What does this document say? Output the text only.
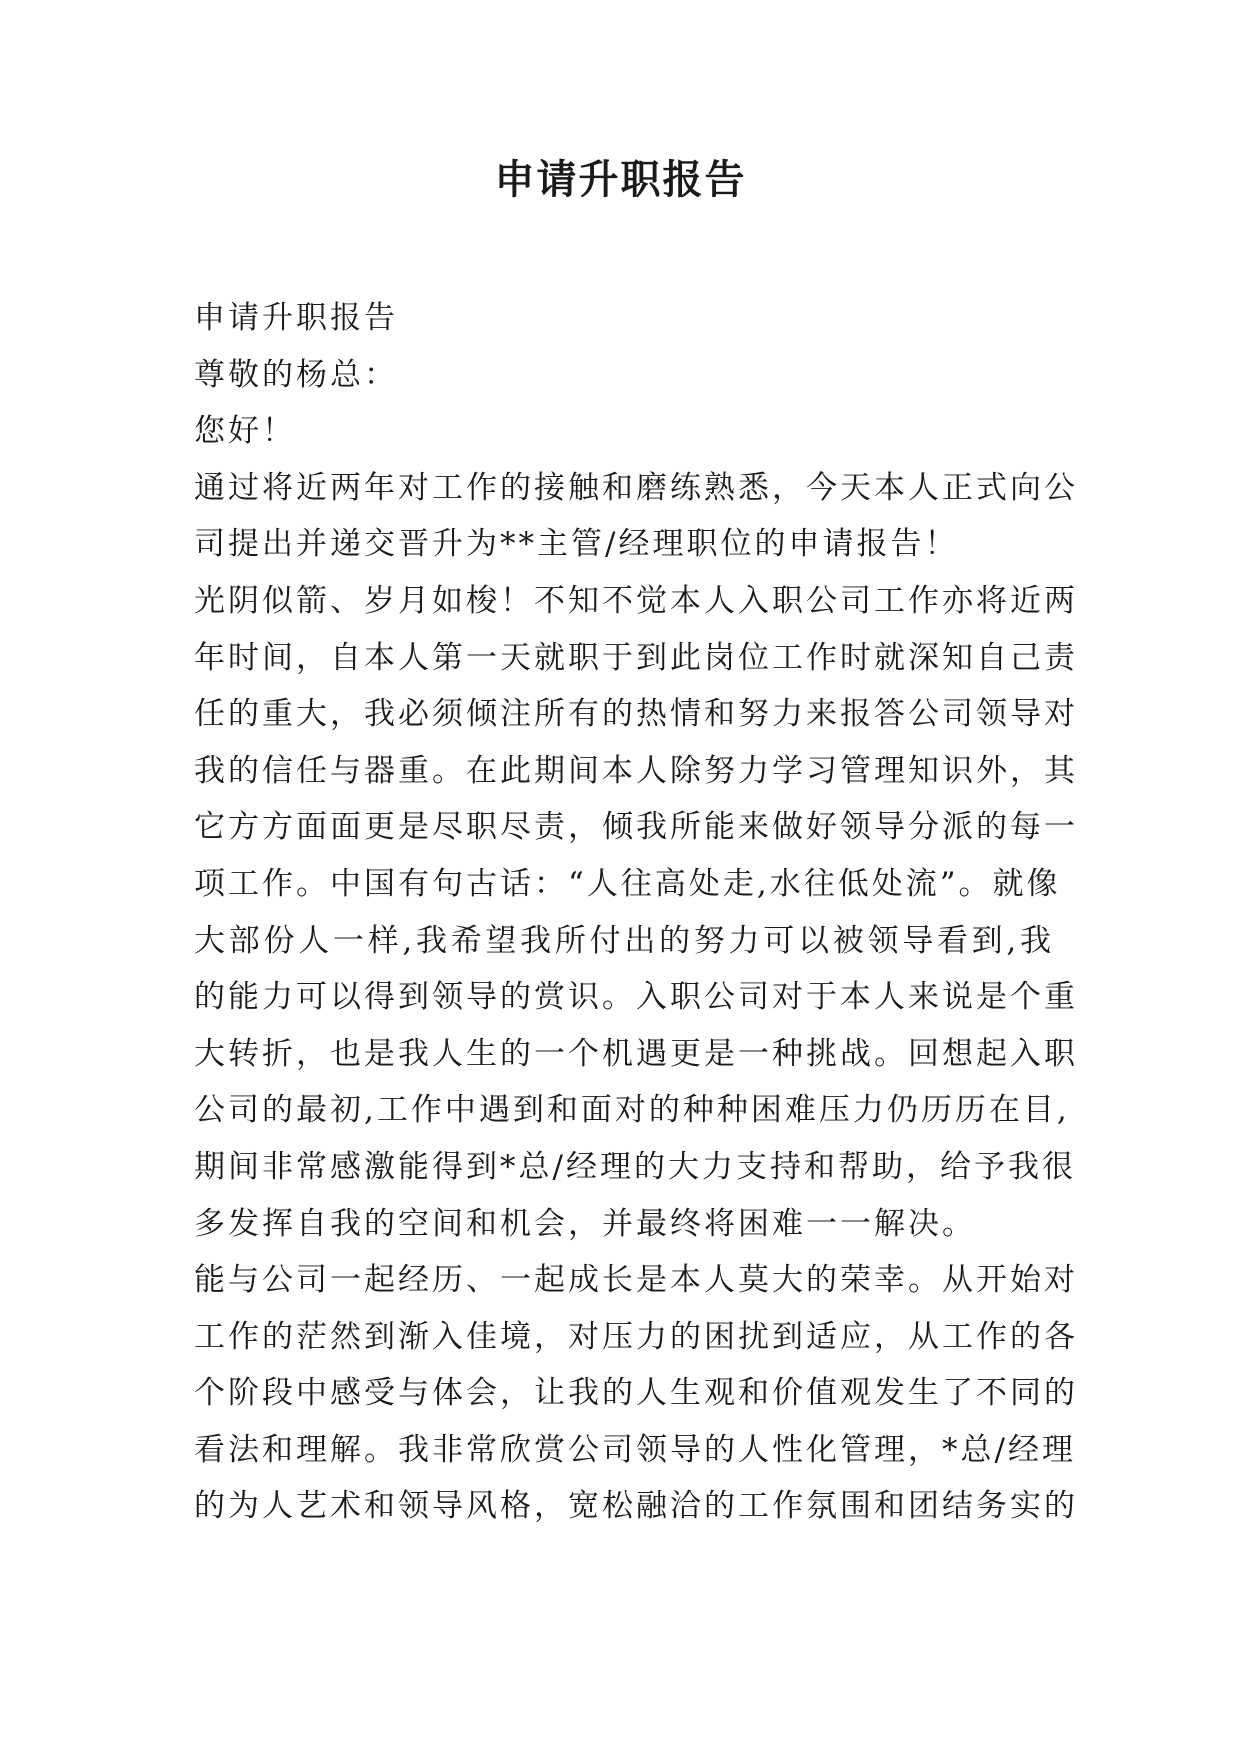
申请升职报告
申请升职报告
尊敬的杨总：
您好！
通过将近两年对工作的接触和磨练熟悉，今天本人正式向公
司提出并递交晋升为**主管/经理职位的申请报告！
光阴似箭、岁月如梭！不知不觉本人入职公司工作亦将近两
年时间，自本人第一天就职于到此岗位工作时就深知自己责
任的重大，我必须倾注所有的热情和努力来报答公司领导对
我的信任与器重。在此期间本人除努力学习管理知识外，其
它方方面面更是尽职尽责，倾我所能来做好领导分派的每一
项工作。中国有句古话：“人往高处走,水往低处流”。就像
大部份人一样,我希望我所付出的努力可以被领导看到,我
的能力可以得到领导的赏识。入职公司对于本人来说是个重
大转折，也是我人生的一个机遇更是一种挑战。回想起入职
公司的最初,工作中遇到和面对的种种困难压力仍历历在目,
期间非常感激能得到*总/经理的大力支持和帮助，给予我很
多发挥自我的空间和机会，并最终将困难一一解决。
能与公司一起经历、一起成长是本人莫大的荣幸。从开始对
工作的茫然到渐入佳境，对压力的困扰到适应，从工作的各
个阶段中感受与体会，让我的人生观和价值观发生了不同的
看法和理解。我非常欣赏公司领导的人性化管理，*总/经理
的为人艺术和领导风格，宽松融洽的工作氛围和团结务实的
